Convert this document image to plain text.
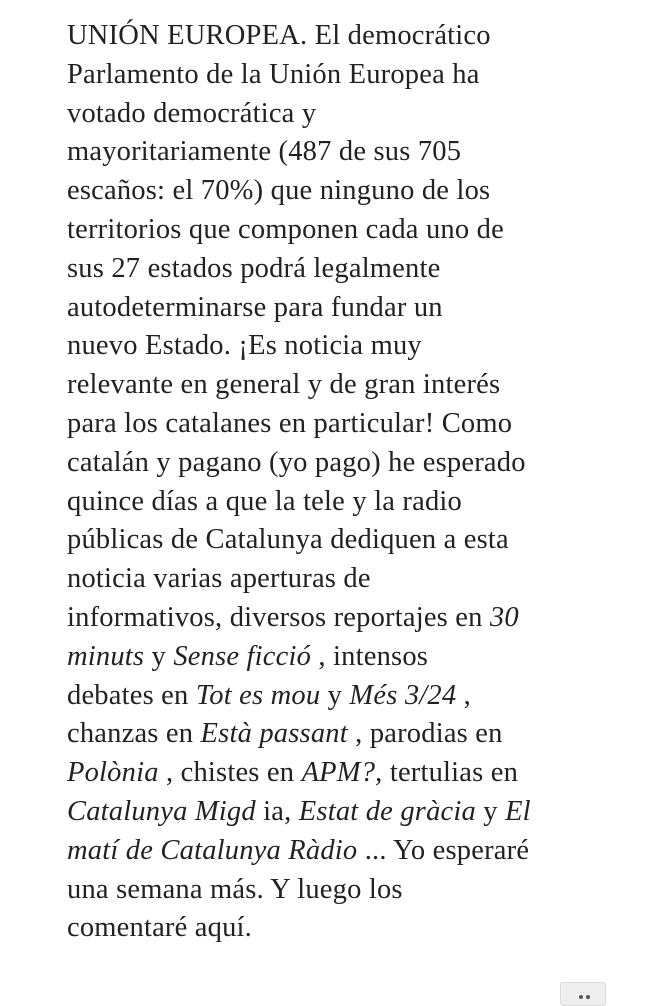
UNIÓN EUROPEA. El democrático
Parlamento de la Unión Europea ha
votado democrática y
mayoritariamente (487 de sus 705
escaños: el 70%) que ninguno de los
territorios que componen cada uno de
sus 27 estados podrá legalmente
autodeterminarse para fundar un
nuevo Estado. ¡Es noticia muy
relevante en general y de gran interés
para los catalanes en particular! Como
catalán y pagano (yo pago) he esperado
quince días a que la tele y la radio
públicas de Catalunya dediquen a esta
noticia varias aperturas de
informativos, diversos reportajes en 30
minuts y Sense ficció , intensos
debates en Tot es mou y Més 3/24 ,
chanzas en Està passant , parodias en
Polònia , chistes en APM?, tertulias en
Catalunya Migd ia, Estat de gràcia y El
matí de Catalunya Ràdio ... Yo esperaré
una semana más. Y luego los
comentaré aquí.
